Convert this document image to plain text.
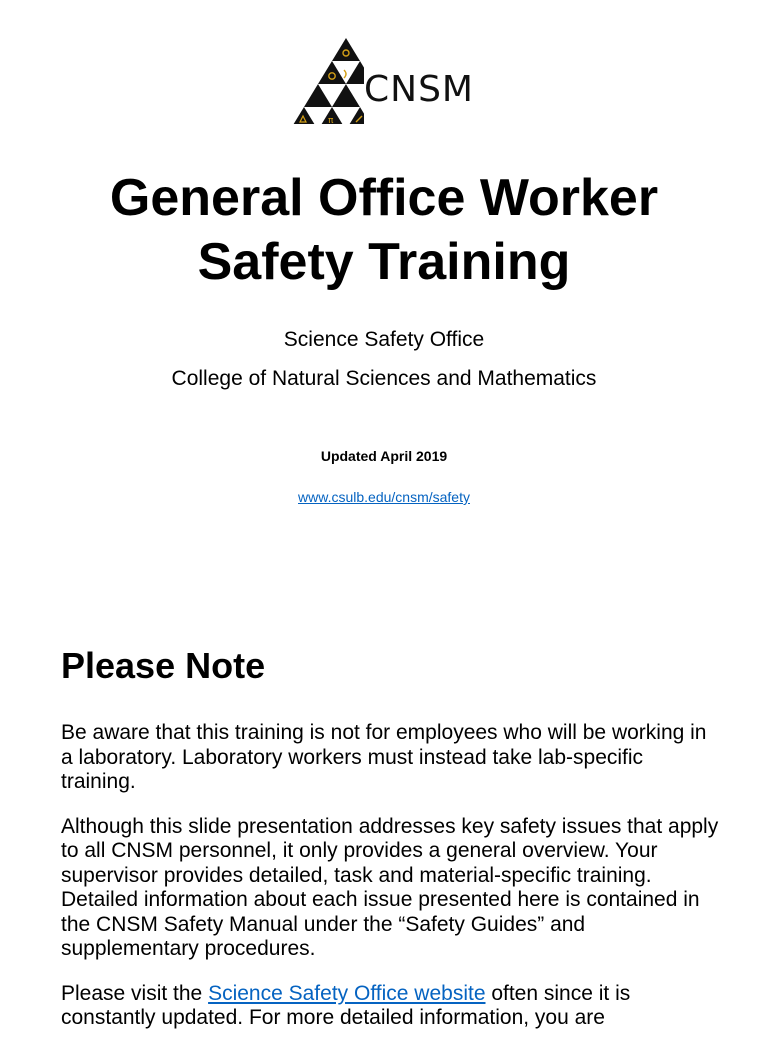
π
CNSM
General Office Worker
Safety Training
Science Safety Office
College of Natural Sciences and Mathematics
Updated April 2019
www.csulb.edu/cnsm/safety
Please Note

Be aware that this training is not for employees who will be working in a laboratory. Laboratory workers must instead take lab-specific training.

Although this slide presentation addresses key safety issues that apply to all CNSM personnel, it only provides a general overview. Your supervisor provides detailed, task and material-specific training. Detailed information about each issue presented here is contained in the CNSM Safety Manual under the “Safety Guides” and supplementary procedures.

Please visit the Science Safety Office website often since it is constantly updated. For more detailed information, you are
